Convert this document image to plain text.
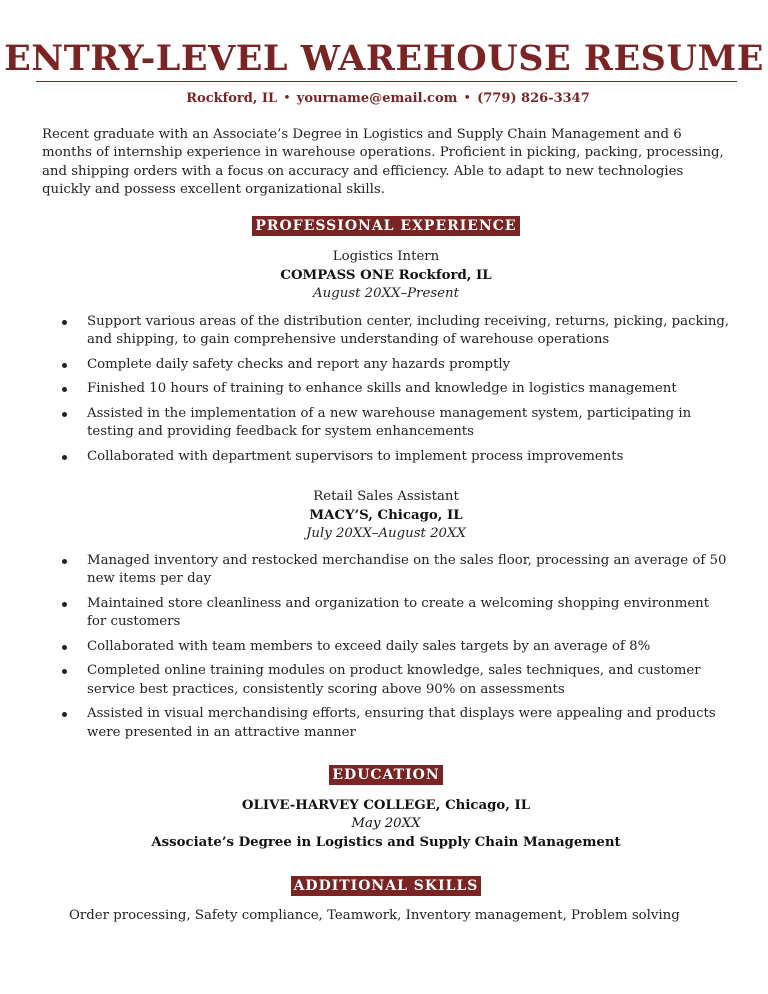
ENTRY-LEVEL WAREHOUSE RESUME
Rockford, IL • yourname@email.com • (779) 826-3347
Recent graduate with an Associate’s Degree in Logistics and Supply Chain Management and 6 months of internship experience in warehouse operations. Proficient in picking, packing, processing, and shipping orders with a focus on accuracy and efficiency. Able to adapt to new technologies quickly and possess excellent organizational skills.
PROFESSIONAL EXPERIENCE
Logistics Intern
COMPASS ONE Rockford, IL
August 20XX–Present
Support various areas of the distribution center, including receiving, returns, picking, packing, and shipping, to gain comprehensive understanding of warehouse operations
Complete daily safety checks and report any hazards promptly
Finished 10 hours of training to enhance skills and knowledge in logistics management
Assisted in the implementation of a new warehouse management system, participating in testing and providing feedback for system enhancements
Collaborated with department supervisors to implement process improvements
Retail Sales Assistant
MACY’S, Chicago, IL
July 20XX–August 20XX
Managed inventory and restocked merchandise on the sales floor, processing an average of 50 new items per day
Maintained store cleanliness and organization to create a welcoming shopping environment for customers
Collaborated with team members to exceed daily sales targets by an average of 8%
Completed online training modules on product knowledge, sales techniques, and customer service best practices, consistently scoring above 90% on assessments
Assisted in visual merchandising efforts, ensuring that displays were appealing and products were presented in an attractive manner
EDUCATION
OLIVE-HARVEY COLLEGE, Chicago, IL
May 20XX
Associate’s Degree in Logistics and Supply Chain Management
ADDITIONAL SKILLS
Order processing, Safety compliance, Teamwork, Inventory management, Problem solving
